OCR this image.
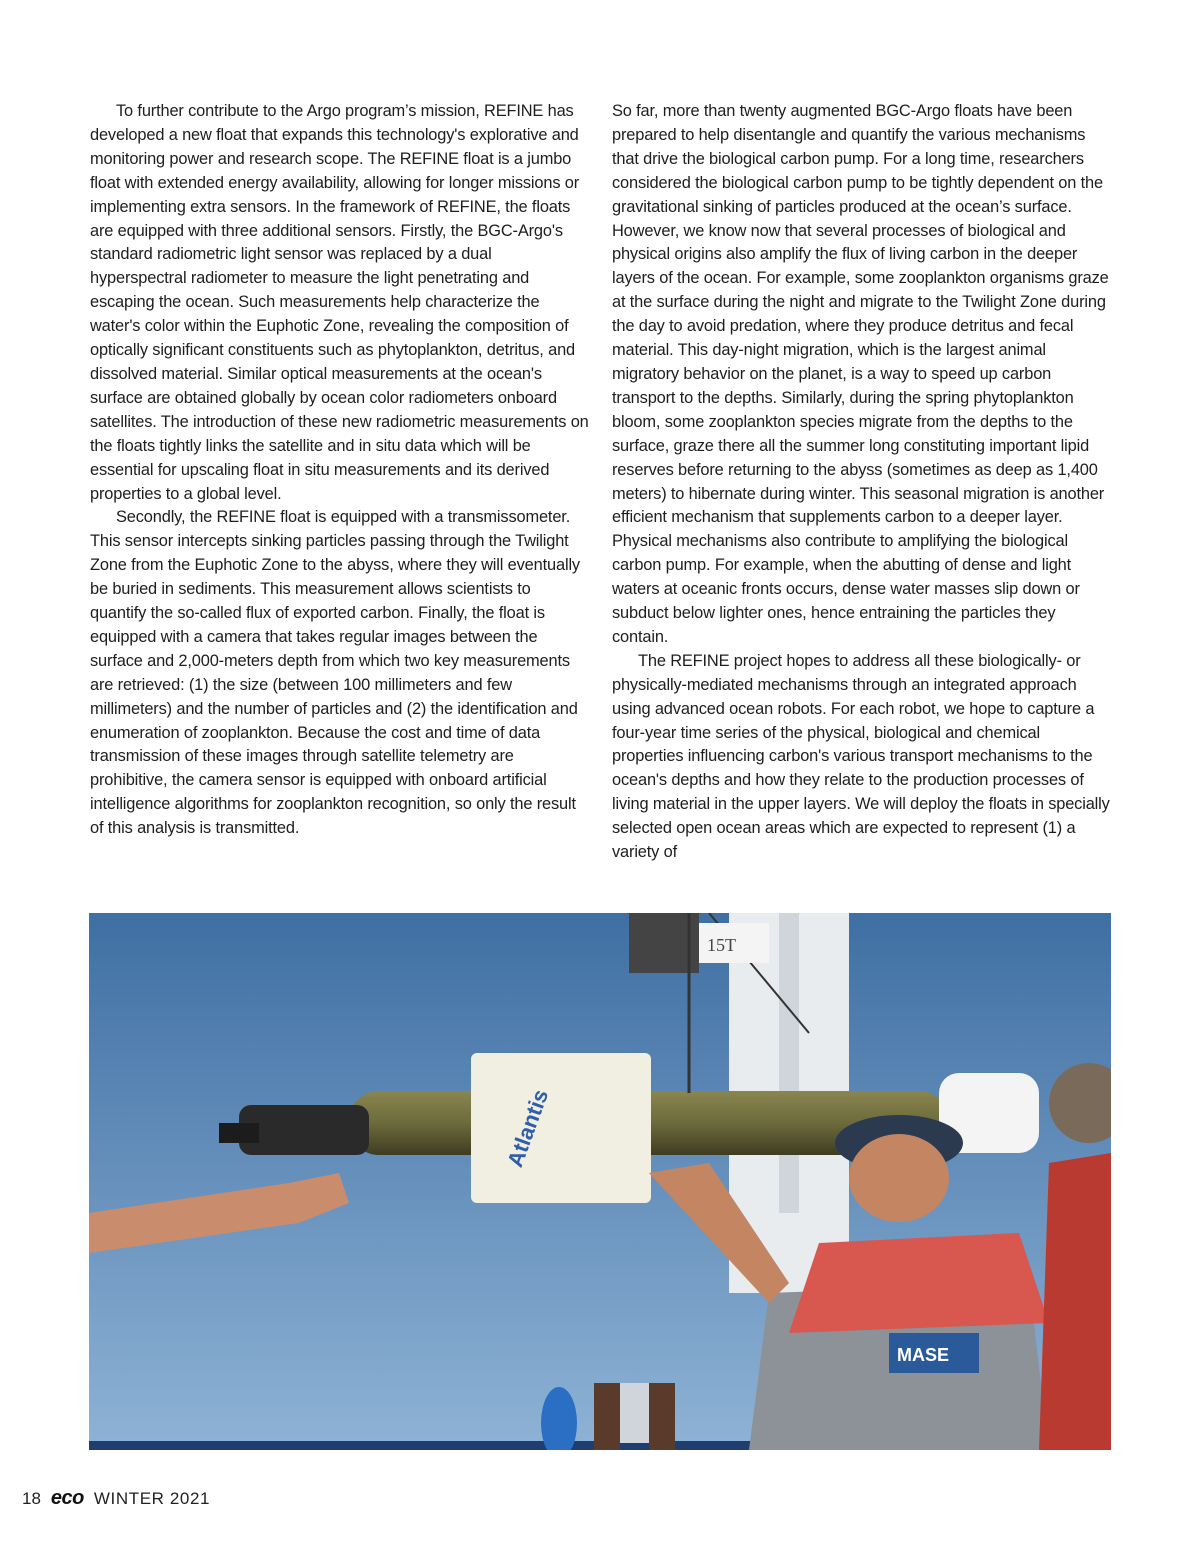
To further contribute to the Argo program’s mission, REFINE has developed a new float that expands this technology's explorative and monitoring power and research scope. The REFINE float is a jumbo float with extended energy availability, allowing for longer missions or implementing extra sensors. In the framework of REFINE, the floats are equipped with three additional sensors. Firstly, the BGC-Argo's standard radiometric light sensor was replaced by a dual hyperspectral radiometer to measure the light penetrating and escaping the ocean. Such measurements help characterize the water's color within the Euphotic Zone, revealing the composition of optically significant constituents such as phytoplankton, detritus, and dissolved material. Similar optical measurements at the ocean's surface are obtained globally by ocean color radiometers onboard satellites. The introduction of these new radiometric measurements on the floats tightly links the satellite and in situ data which will be essential for upscaling float in situ measurements and its derived properties to a global level.

Secondly, the REFINE float is equipped with a transmissometer. This sensor intercepts sinking particles passing through the Twilight Zone from the Euphotic Zone to the abyss, where they will eventually be buried in sediments. This measurement allows scientists to quantify the so-called flux of exported carbon. Finally, the float is equipped with a camera that takes regular images between the surface and 2,000-meters depth from which two key measurements are retrieved: (1) the size (between 100 millimeters and few millimeters) and the number of particles and (2) the identification and enumeration of zooplankton. Because the cost and time of data transmission of these images through satellite telemetry are prohibitive, the camera sensor is equipped with onboard artificial intelligence algorithms for zooplankton recognition, so only the result of this analysis is transmitted.

So far, more than twenty augmented BGC-Argo floats have been prepared to help disentangle and quantify the various mechanisms that drive the biological carbon pump. For a long time, researchers considered the biological carbon pump to be tightly dependent on the gravitational sinking of particles produced at the ocean’s surface. However, we know now that several processes of biological and physical origins also amplify the flux of living carbon in the deeper layers of the ocean. For example, some zooplankton organisms graze at the surface during the night and migrate to the Twilight Zone during the day to avoid predation, where they produce detritus and fecal material. This day-night migration, which is the largest animal migratory behavior on the planet, is a way to speed up carbon transport to the depths. Similarly, during the spring phytoplankton bloom, some zooplankton species migrate from the depths to the surface, graze there all the summer long constituting important lipid reserves before returning to the abyss (sometimes as deep as 1,400 meters) to hibernate during winter. This seasonal migration is another efficient mechanism that supplements carbon to a deeper layer. Physical mechanisms also contribute to amplifying the biological carbon pump. For example, when the abutting of dense and light waters at oceanic fronts occurs, dense water masses slip down or subduct below lighter ones, hence entraining the particles they contain.

The REFINE project hopes to address all these biologically- or physically-mediated mechanisms through an integrated approach using advanced ocean robots. For each robot, we hope to capture a four-year time series of the physical, biological and chemical properties influencing carbon's various transport mechanisms to the ocean's depths and how they relate to the production processes of living material in the upper layers. We will deploy the floats in specially selected open ocean areas which are expected to represent (1) a variety of

Atlantis
MASE
15T
18 eco WINTER 2021
